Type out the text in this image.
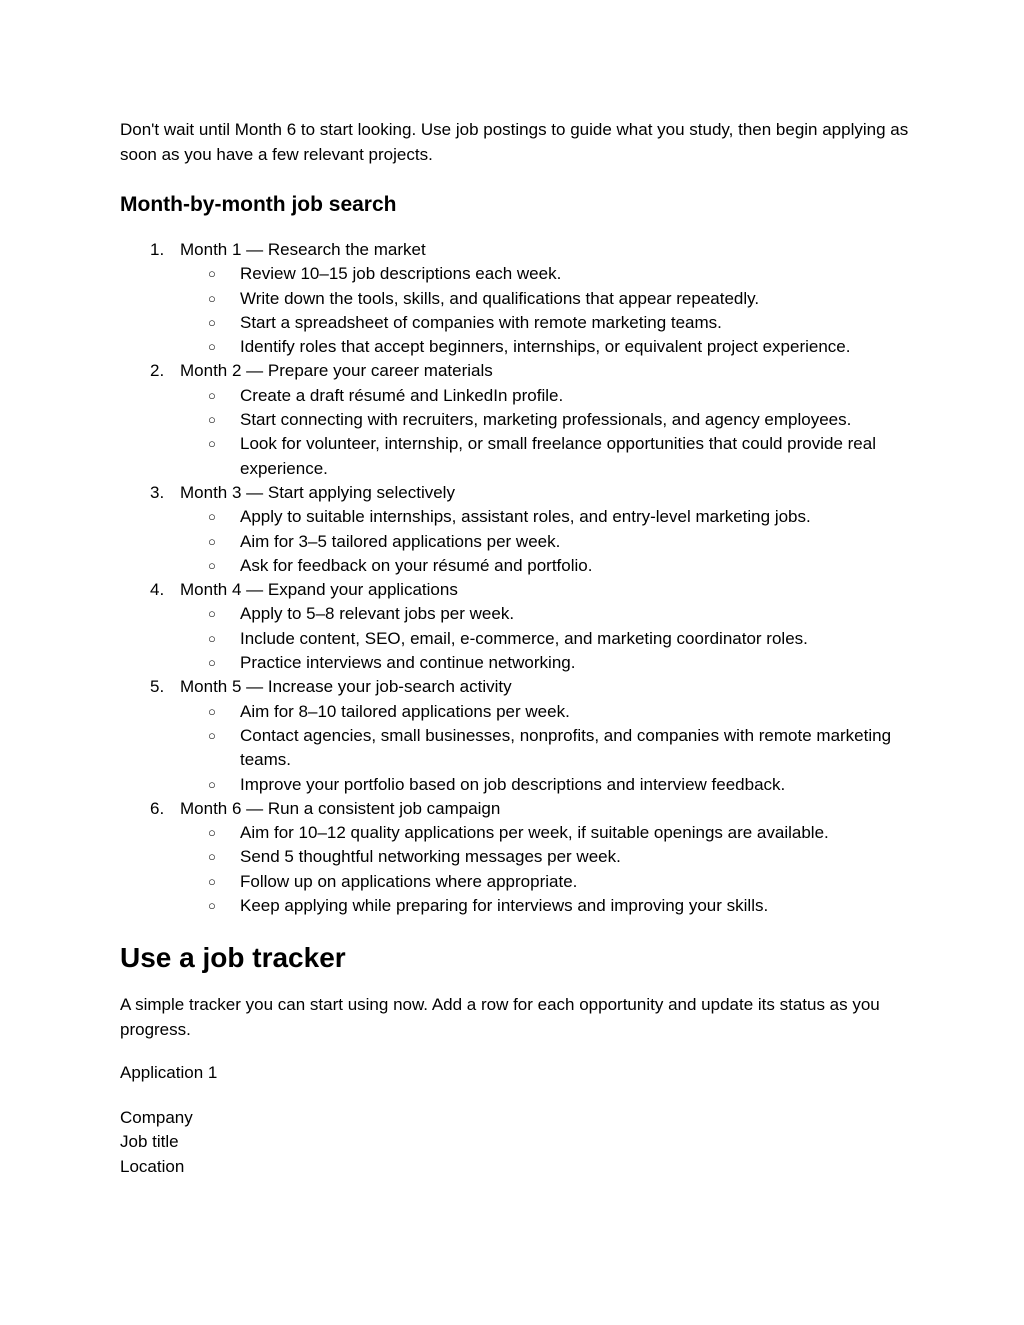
Don't wait until Month 6 to start looking. Use job postings to guide what you study, then begin applying as soon as you have a few relevant projects.

Month-by-month job search
1. Month 1 — Research the market
○	Review 10–15 job descriptions each week.
○	Write down the tools, skills, and qualifications that appear repeatedly.
○	Start a spreadsheet of companies with remote marketing teams.
○	Identify roles that accept beginners, internships, or equivalent project experience.
2. Month 2 — Prepare your career materials
○	Create a draft résumé and LinkedIn profile.
○	Start connecting with recruiters, marketing professionals, and agency employees.
○	Look for volunteer, internship, or small freelance opportunities that could provide real experience.
3. Month 3 — Start applying selectively
○	Apply to suitable internships, assistant roles, and entry-level marketing jobs.
○	Aim for 3–5 tailored applications per week.
○	Ask for feedback on your résumé and portfolio.
4. Month 4 — Expand your applications
○	Apply to 5–8 relevant jobs per week.
○	Include content, SEO, email, e-commerce, and marketing coordinator roles.
○	Practice interviews and continue networking.
5. Month 5 — Increase your job-search activity
○	Aim for 8–10 tailored applications per week.
○	Contact agencies, small businesses, nonprofits, and companies with remote marketing teams.
○	Improve your portfolio based on job descriptions and interview feedback.
6. Month 6 — Run a consistent job campaign
○	Aim for 10–12 quality applications per week, if suitable openings are available.
○	Send 5 thoughtful networking messages per week.
○	Follow up on applications where appropriate.
○	Keep applying while preparing for interviews and improving your skills.
Use a job tracker

A simple tracker you can start using now. Add a row for each opportunity and update its status as you progress.

Application 1

Company

Job title

Location
